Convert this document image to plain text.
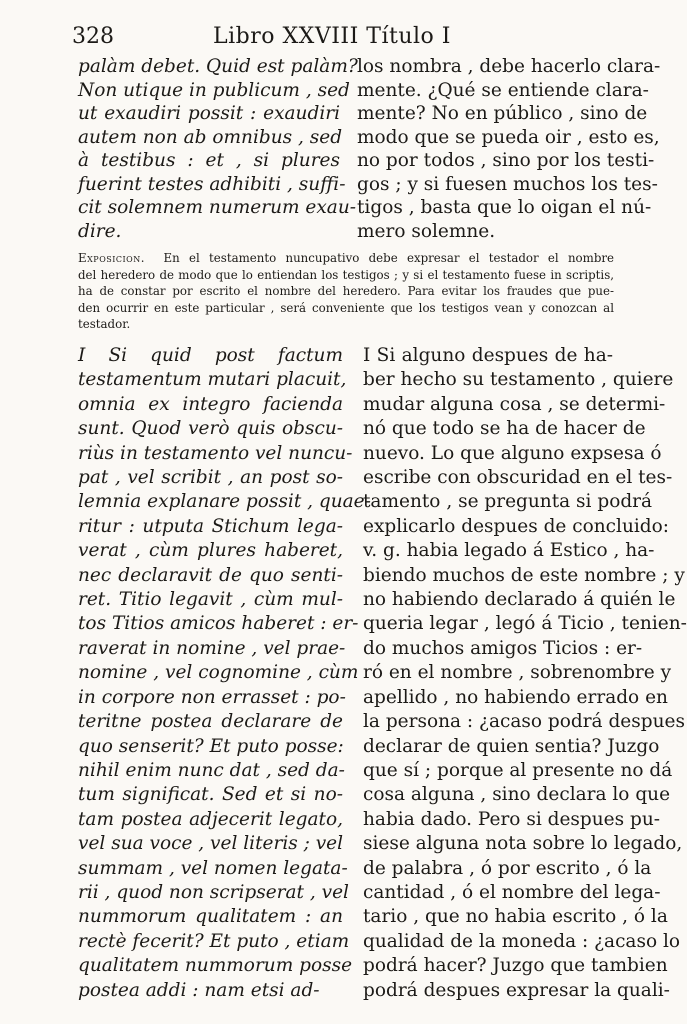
328	Libro XXVIII Título I
palàm debet. Quid est palàm?
Non utique in publicum , sed
ut exaudiri possit : exaudiri
autem non ab omnibus , sed
à testibus : et , si plures
fuerint testes adhibiti , suffi-
cit solemnem numerum exau-
dire.
los nombra , debe hacerlo clara-
mente. ¿Qué se entiende clara-
mente? No en público , sino de
modo que se pueda oir , esto es,
no por todos , sino por los testi-
gos ; y si fuesen muchos los tes-
tigos , basta que lo oigan el nú-
mero solemne.
Exposicion. En el testamento nuncupativo debe expresar el testador el nombre
del heredero de modo que lo entiendan los testigos ; y si el testamento fuese in scriptis,
ha de constar por escrito el nombre del heredero. Para evitar los fraudes que pue-
den ocurrir en este particular , será conveniente que los testigos vean y conozcan al
testador.
I Si quid post factum
testamentum mutari placuit,
omnia ex integro facienda
sunt. Quod verò quis obscu-
riùs in testamento vel nuncu-
pat , vel scribit , an post so-
lemnia explanare possit , quae-
ritur : utputa Stichum lega-
verat , cùm plures haberet,
nec declaravit de quo senti-
ret. Titio legavit , cùm mul-
tos Titios amicos haberet : er-
raverat in nomine , vel prae-
nomine , vel cognomine , cùm
in corpore non errasset : po-
teritne postea declarare de
quo senserit? Et puto posse:
nihil enim nunc dat , sed da-
tum significat. Sed et si no-
tam postea adjecerit legato,
vel sua voce , vel literis ; vel
summam , vel nomen legata-
rii , quod non scripserat , vel
nummorum qualitatem : an
rectè fecerit? Et puto , etiam
qualitatem nummorum posse
postea addi : nam etsi ad-
I Si alguno despues de ha-
ber hecho su testamento , quiere
mudar alguna cosa , se determi-
nó que todo se ha de hacer de
nuevo. Lo que alguno expsesa ó
escribe con obscuridad en el tes-
tamento , se pregunta si podrá
explicarlo despues de concluido:
v. g. habia legado á Estico , ha-
biendo muchos de este nombre ; y
no habiendo declarado á quién le
queria legar , legó á Ticio , tenien-
do muchos amigos Ticios : er-
ró en el nombre , sobrenombre y
apellido , no habiendo errado en
la persona : ¿acaso podrá despues
declarar de quien sentia? Juzgo
que sí ; porque al presente no dá
cosa alguna , sino declara lo que
habia dado. Pero si despues pu-
siese alguna nota sobre lo legado,
de palabra , ó por escrito , ó la
cantidad , ó el nombre del lega-
tario , que no habia escrito , ó la
qualidad de la moneda : ¿acaso lo
podrá hacer? Juzgo que tambien
podrá despues expresar la quali-
